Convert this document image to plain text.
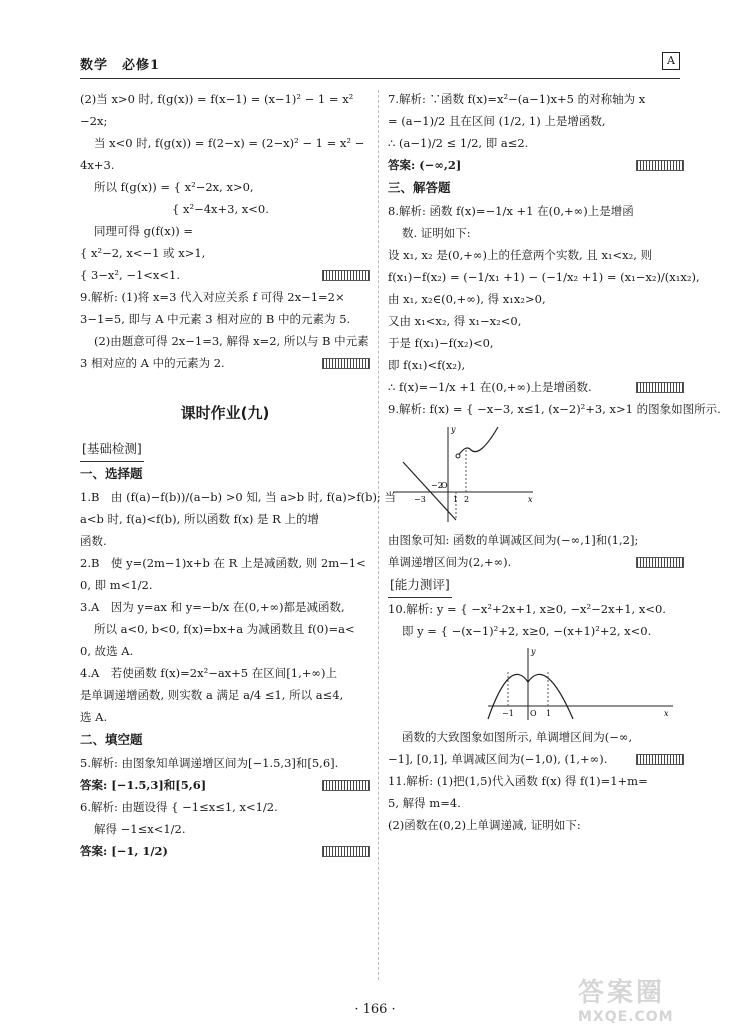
数学　必修1	A
(2)当 x>0 时, f(g(x)) = f(x−1) = (x−1)² − 1 = x²
−2x;
当 x<0 时, f(g(x)) = f(2−x) = (2−x)² − 1 = x² −
4x+3.
所以 f(g(x)) = { x²−2x, x>0,
　　　　　　　　{ x²−4x+3, x<0.
同理可得 g(f(x)) =
{ x²−2, x<−1 或 x>1,
{ 3−x², −1<x<1.
9.解析: (1)将 x=3 代入对应关系 f 可得 2x−1=2×
3−1=5, 即与 A 中元素 3 相对应的 B 中的元素为 5.
(2)由题意可得 2x−1=3, 解得 x=2, 所以与 B 中元素
3 相对应的 A 中的元素为 2.
课时作业(九)
[基础检测]
一、选择题
1.B　由 (f(a)−f(b))/(a−b) >0 知, 当 a>b 时, f(a)>f(b); 当
a<b 时, f(a)<f(b), 所以函数 f(x) 是 R 上的增
函数.
2.B　使 y=(2m−1)x+b 在 R 上是减函数, 则 2m−1<
0, 即 m<1/2.
3.A　因为 y=ax 和 y=−b/x 在(0,+∞)都是减函数,
所以 a<0, b<0, f(x)=bx+a 为减函数且 f(0)=a<
0, 故选 A.
4.A　若使函数 f(x)=2x²−ax+5 在区间[1,+∞)上
是单调递增函数, 则实数 a 满足 a/4 ≤1, 所以 a≤4,
选 A.
二、填空题
5.解析: 由图象知单调递增区间为[−1.5,3]和[5,6].
答案: [−1.5,3]和[5,6]
6.解析: 由题设得 { −1≤x≤1, x<1/2.
解得 −1≤x<1/2.
答案: [−1, 1/2)
7.解析: ∵函数 f(x)=x²−(a−1)x+5 的对称轴为 x
= (a−1)/2 且在区间 (1/2, 1) 上是增函数,
∴ (a−1)/2 ≤ 1/2, 即 a≤2.
答案: (−∞,2]
三、解答题
8.解析: 函数 f(x)=−1/x +1 在(0,+∞)上是增函
数. 证明如下:
设 x₁, x₂ 是(0,+∞)上的任意两个实数, 且 x₁<x₂, 则
f(x₁)−f(x₂) = (−1/x₁ +1) − (−1/x₂ +1) = (x₁−x₂)/(x₁x₂),
由 x₁, x₂∈(0,+∞), 得 x₁x₂>0,
又由 x₁<x₂, 得 x₁−x₂<0,
于是 f(x₁)−f(x₂)<0,
即 f(x₁)<f(x₂),
∴ f(x)=−1/x +1 在(0,+∞)上是增函数.
9.解析: f(x) = { −x−3, x≤1, (x−2)²+3, x>1 的图象如图所示.
−3
−2
O
1 2	x
y
由图象可知: 函数的单调减区间为(−∞,1]和(1,2];
单调递增区间为(2,+∞).
[能力测评]
10.解析: y = { −x²+2x+1, x≥0, −x²−2x+1, x<0.
即 y = { −(x−1)²+2, x≥0, −(x+1)²+2, x<0.
y
−1 O 1	x
函数的大致图象如图所示, 单调增区间为(−∞,
−1], [0,1], 单调减区间为(−1,0), (1,+∞).
11.解析: (1)把(1,5)代入函数 f(x) 得 f(1)=1+m=
5, 解得 m=4.
(2)函数在(0,2)上单调递减, 证明如下:
· 166 ·
答案圈
MXQE.COM
